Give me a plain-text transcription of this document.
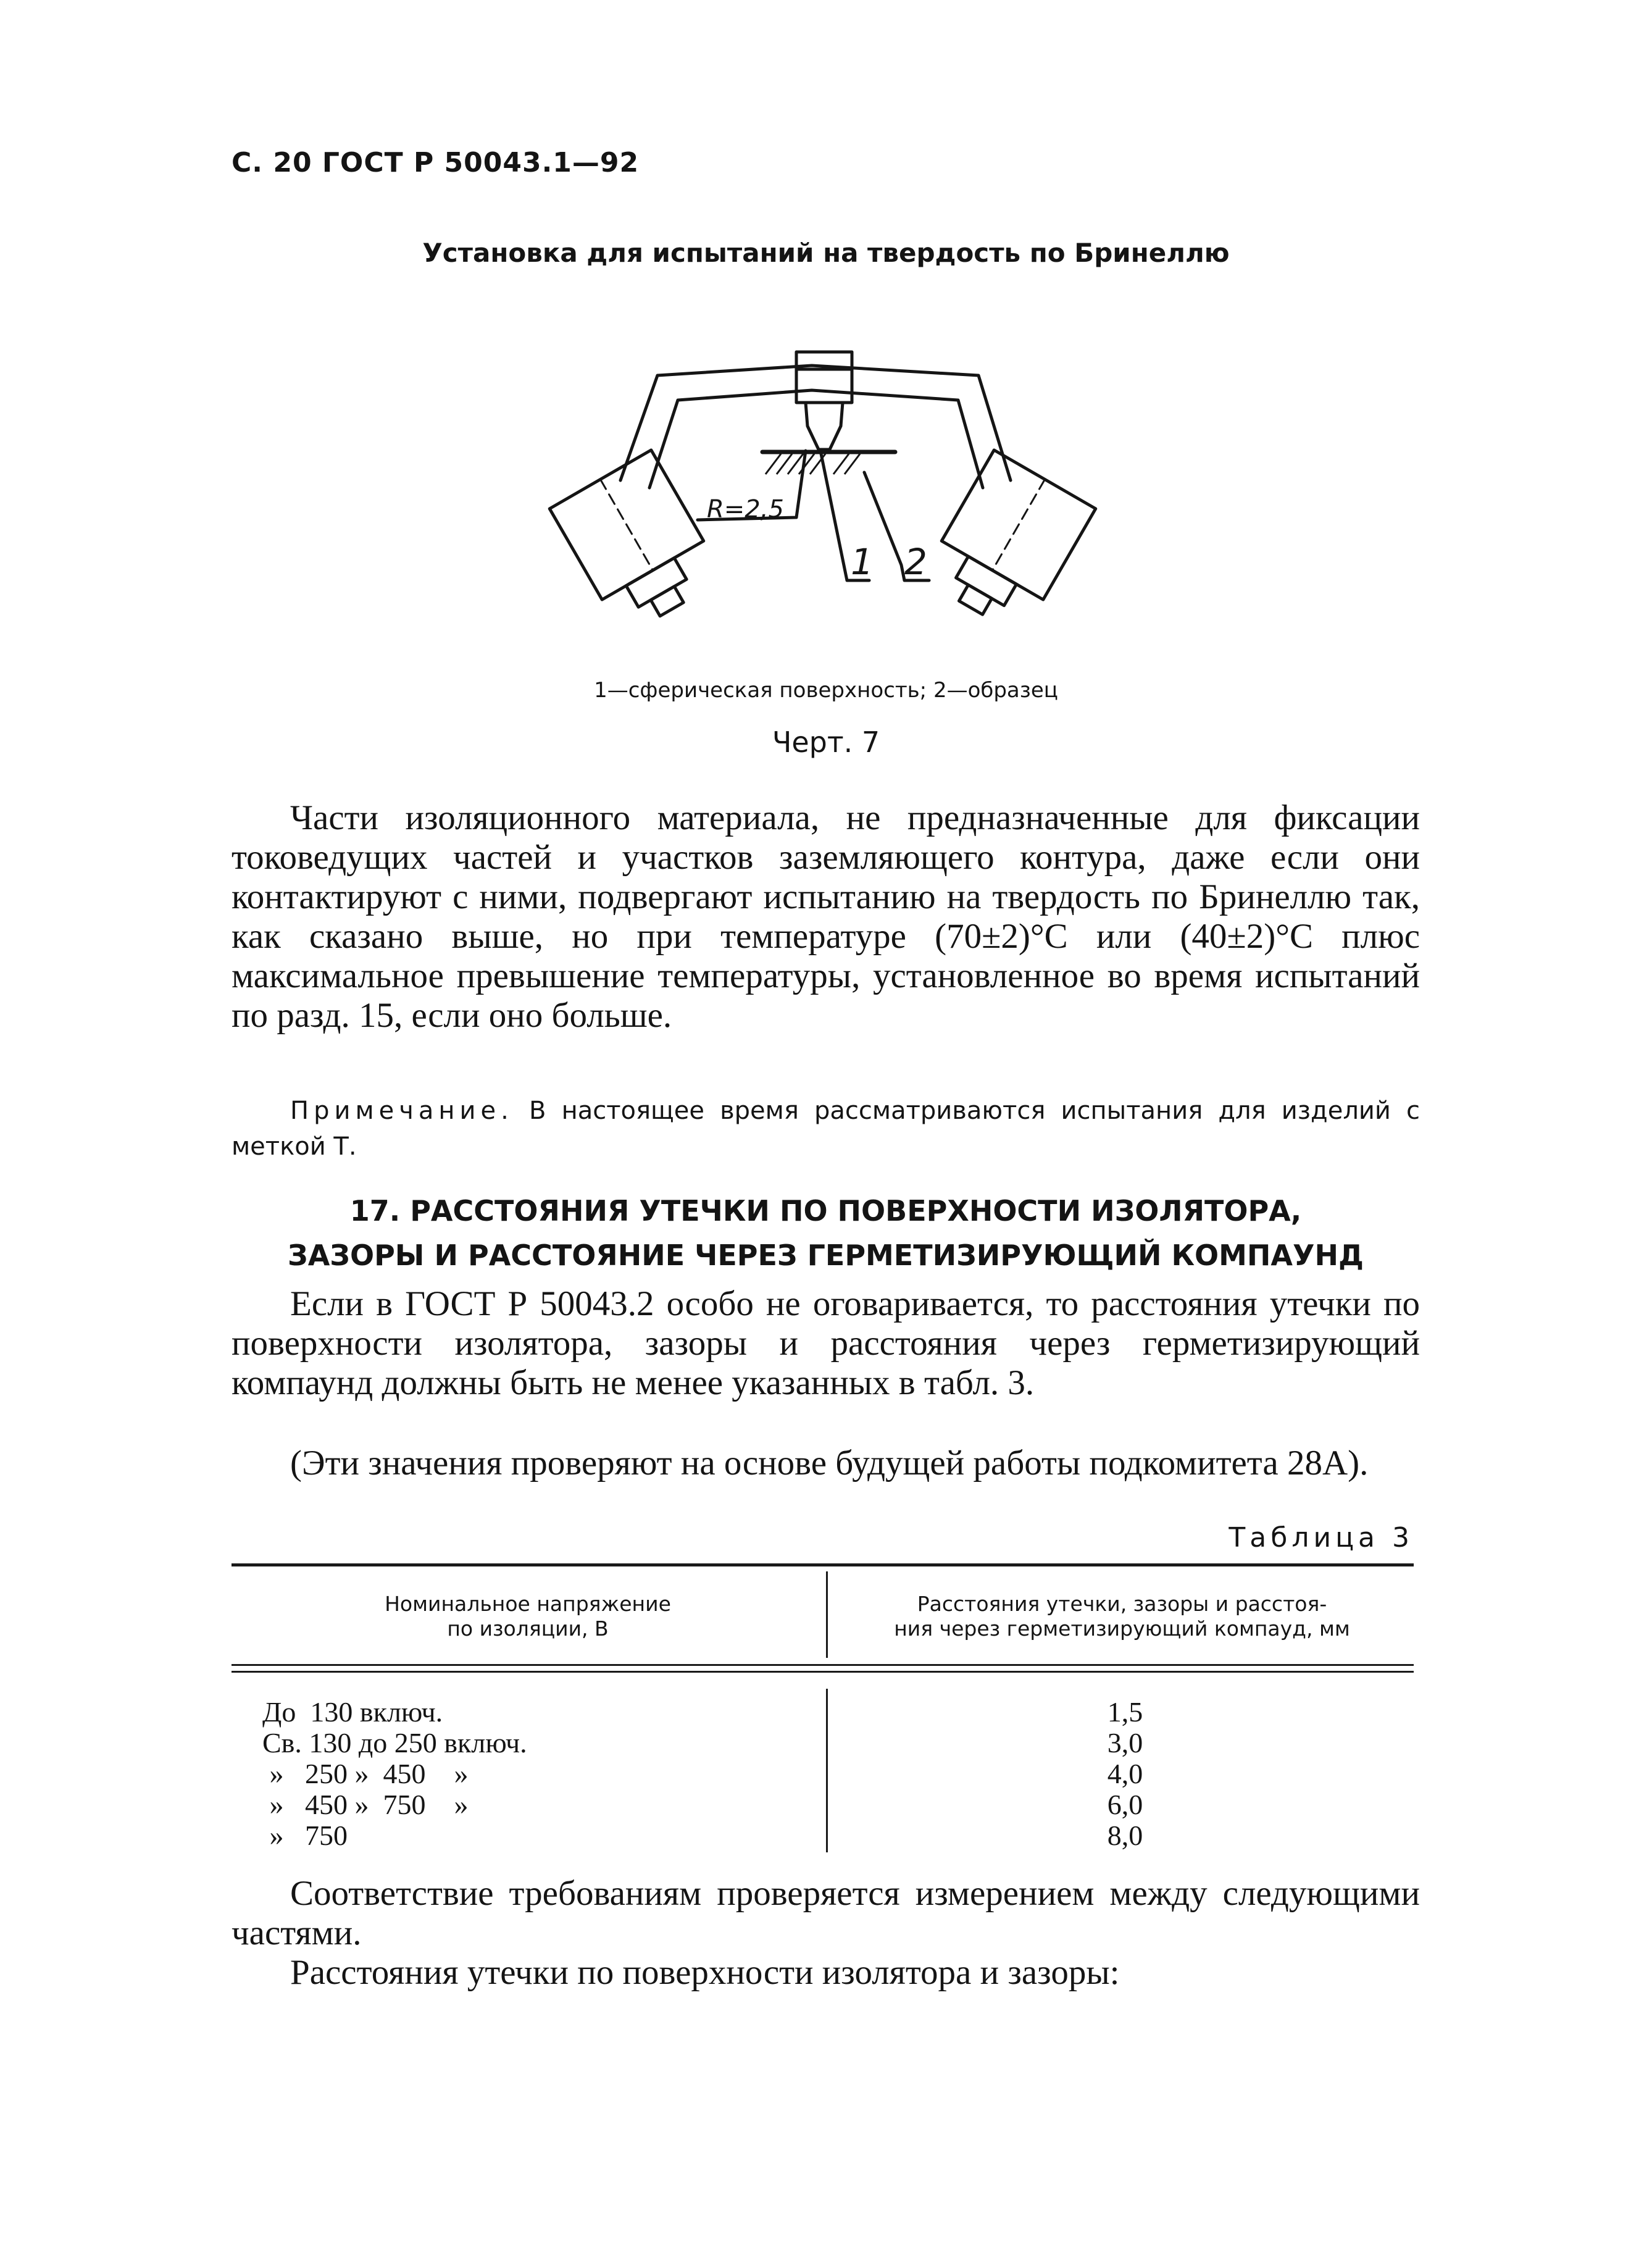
С. 20 ГОСТ Р 50043.1—92
Установка для испытаний на твердость по Бринеллю
R=2,5
1 2
1—сферическая поверхность; 2—образец
Черт. 7
Части изоляционного материала, не предназначенные для фиксации токоведущих частей и участков заземляющего контура, даже если они контактируют с ними, подвергают испытанию на твердость по Бринеллю так, как сказано выше, но при температуре (70±2)°С или (40±2)°С плюс максимальное превышение температуры, установленное во время испытаний по разд. 15, если оно больше.
Примечание. В настоящее время рассматриваются испытания для изделий с меткой Т.
17. РАССТОЯНИЯ УТЕЧКИ ПО ПОВЕРХНОСТИ ИЗОЛЯТОРА,
ЗАЗОРЫ И РАССТОЯНИЕ ЧЕРЕЗ ГЕРМЕТИЗИРУЮЩИЙ КОМПАУНД
Если в ГОСТ Р 50043.2 особо не оговаривается, то расстояния утечки по поверхности изолятора, зазоры и расстояния через герметизирующий компаунд должны быть не менее указанных в табл. 3.
(Эти значения проверяют на основе будущей работы подкомитета 28А).
Таблица 3
Номинальное напряжение
по изоляции, В
Расстояния утечки, зазоры и расстоя-
ния через герметизирующий компауд, мм
До  130 включ.	1,5
Св. 130 до 250 включ.	3,0
»   250 »  450    »	4,0
»   450 »  750    »	6,0
»   750	8,0
Соответствие требованиям проверяется измерением между следующими частями.
Расстояния утечки по поверхности изолятора и зазоры:
